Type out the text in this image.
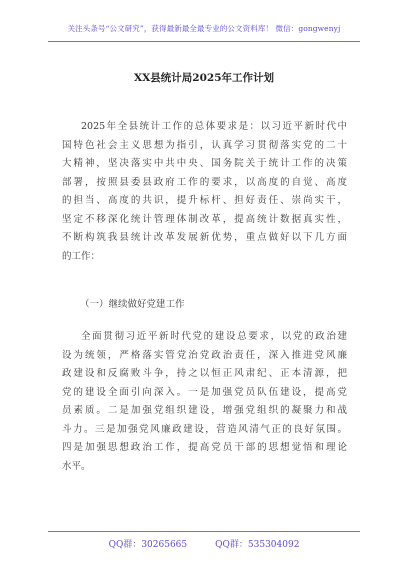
关注头条号“公文研究”，获得最新最全最专业的公文资料库！ 微信：gongwenyj
XX县统计局2025年工作计划
2025年全县统计工作的总体要求是：以习近平新时代中
国特色社会主义思想为指引，认真学习贯彻落实党的二十
大精神，坚决落实中共中央、国务院关于统计工作的决策
部署，按照县委县政府工作的要求，以高度的自觉、高度
的担当、高度的共识，提升标杆、担好责任、崇尚实干，
坚定不移深化统计管理体制改革，提高统计数据真实性，
不断构筑我县统计改革发展新优势，重点做好以下几方面
的工作：
（一）继续做好党建工作
全面贯彻习近平新时代党的建设总要求，以党的政治建
设为统领，严格落实管党治党政治责任，深入推进党风廉
政建设和反腐败斗争，持之以恒正风肃纪、正本清源，把
党的建设全面引向深入。一是加强党员队伍建设，提高党
员素质。二是加强党组织建设，增强党组织的凝聚力和战
斗力。三是加强党风廉政建设，营造风清气正的良好氛围。
四是加强思想政治工作，提高党员干部的思想觉悟和理论
水平。
QQ群：30265665	QQ群：535304092
